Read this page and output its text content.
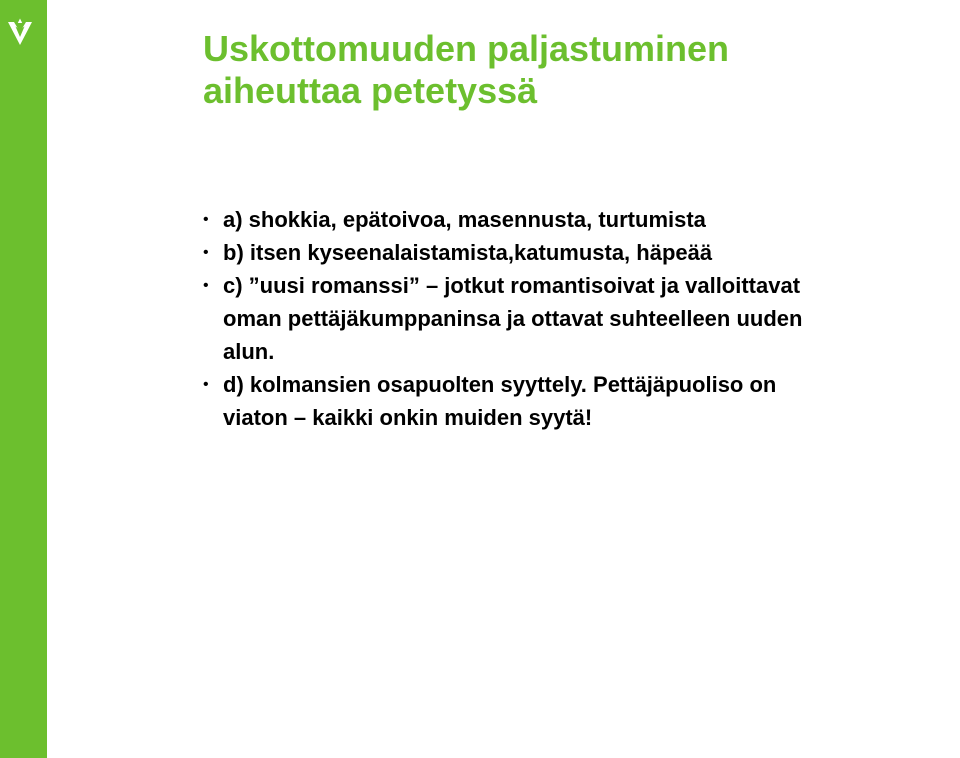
Uskottomuuden paljastuminen
aiheuttaa petetyssä
• a) shokkia, epätoivoa, masennusta, turtumista
• b) itsen kyseenalaistamista,katumusta, häpeää
• c) ”uusi romanssi” – jotkut romantisoivat ja valloittavat
oman pettäjäkumppaninsa ja ottavat suhteelleen uuden
alun.
• d) kolmansien osapuolten syyttely. Pettäjäpuoliso on
viaton – kaikki onkin muiden syytä!
